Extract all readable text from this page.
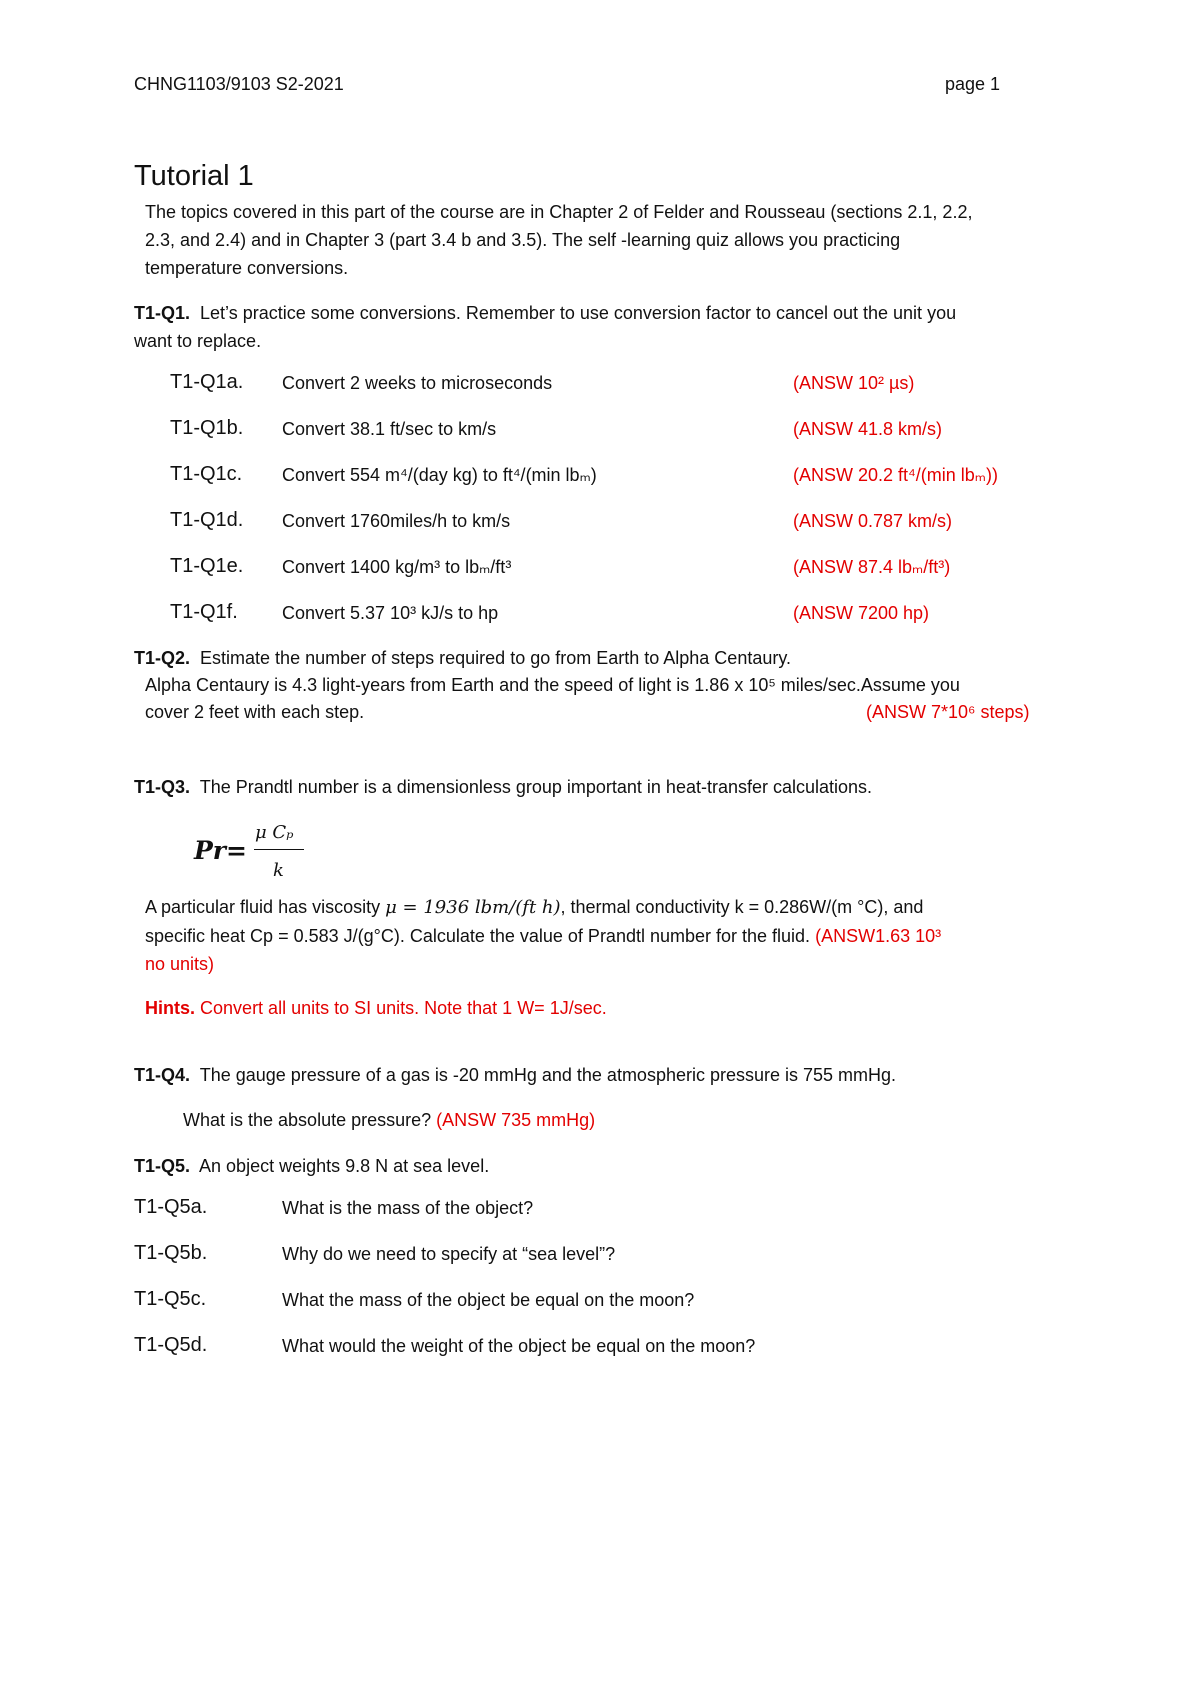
CHNG1103/9103 S2-2021	page 1
Tutorial 1
The topics covered in this part of the course are in Chapter 2 of Felder and Rousseau (sections 2.1, 2.2,
2.3, and 2.4) and in Chapter 3 (part 3.4 b and 3.5). The self -learning quiz allows you practicing
temperature conversions.
T1-Q1. Let’s practice some conversions. Remember to use conversion factor to cancel out the unit you
want to replace.
T1-Q1a. Convert 2 weeks to microseconds	(ANSW 10² µs)
T1-Q1b. Convert 38.1 ft/sec to km/s	(ANSW 41.8 km/s)
T1-Q1c. Convert 554 m⁴/(day kg) to ft⁴/(min lbₘ)	(ANSW 20.2 ft⁴/(min lbₘ))
T1-Q1d. Convert 1760miles/h to km/s	(ANSW 0.787 km/s)
T1-Q1e. Convert 1400 kg/m³ to lbₘ/ft³	(ANSW 87.4 lbₘ/ft³)
T1-Q1f. Convert 5.37 10³ kJ/s to hp	(ANSW 7200 hp)
T1-Q2. Estimate the number of steps required to go from Earth to Alpha Centaury.
Alpha Centaury is 4.3 light-years from Earth and the speed of light is 1.86 x 10⁵ miles/sec.Assume you
cover 2 feet with each step.	(ANSW 7*10⁶ steps)
T1-Q3. The Prandtl number is a dimensionless group important in heat-transfer calculations.
Pr=
μ Cₚ
k
A particular fluid has viscosity μ = 1936 lbm/(ft h), thermal conductivity k = 0.286W/(m °C), and
specific heat Cp = 0.583 J/(g°C). Calculate the value of Prandtl number for the fluid. (ANSW1.63 10³
no units)
Hints. Convert all units to SI units. Note that 1 W= 1J/sec.
T1-Q4. The gauge pressure of a gas is -20 mmHg and the atmospheric pressure is 755 mmHg.
What is the absolute pressure? (ANSW 735 mmHg)
T1-Q5. An object weights 9.8 N at sea level.
T1-Q5a.	What is the mass of the object?
T1-Q5b.	Why do we need to specify at “sea level”?
T1-Q5c.	What the mass of the object be equal on the moon?
T1-Q5d.	What would the weight of the object be equal on the moon?
